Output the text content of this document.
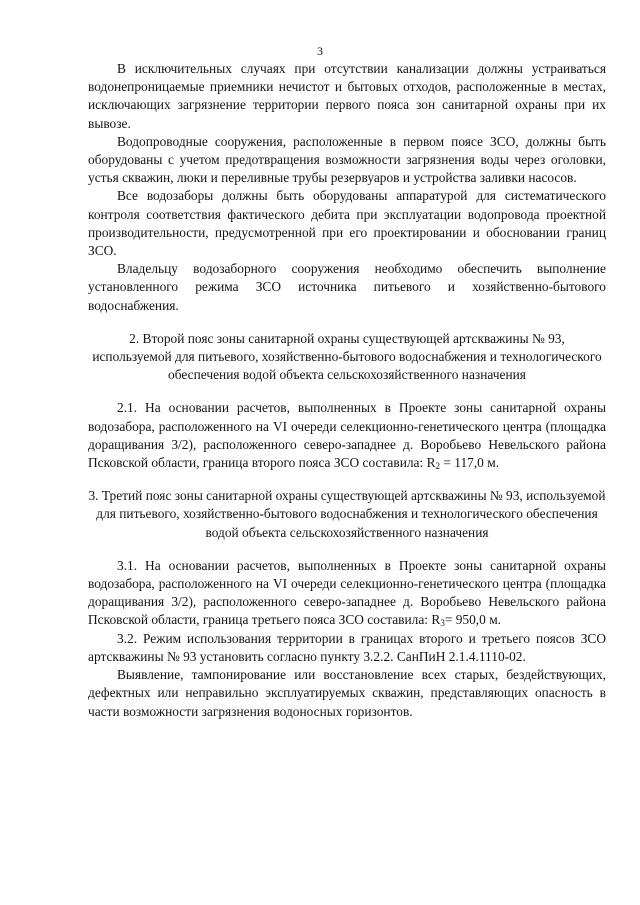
3

В исключительных случаях при отсутствии канализации должны устраиваться водонепроницаемые приемники нечистот и бытовых отходов, расположенные в местах, исключающих загрязнение территории первого пояса зон санитарной охраны при их вывозе.

Водопроводные сооружения, расположенные в первом поясе ЗСО, должны быть оборудованы с учетом предотвращения возможности загрязнения воды через оголовки, устья скважин, люки и переливные трубы резервуаров и устройства заливки насосов.

Все водозаборы должны быть оборудованы аппаратурой для систематического контроля соответствия фактического дебита при эксплуатации водопровода проектной производительности, предусмотренной при его проектировании и обосновании границ ЗСО.

Владельцу водозаборного сооружения необходимо обеспечить выполнение установленного режима ЗСО источника питьевого и хозяйственно-бытового водоснабжения.

2. Второй пояс зоны санитарной охраны существующей артскважины № 93, используемой для питьевого, хозяйственно-бытового водоснабжения и технологического обеспечения водой объекта сельскохозяйственного назначения

2.1. На основании расчетов, выполненных в Проекте зоны санитарной охраны водозабора, расположенного на VI очереди селекционно-генетического центра (площадка доращивания 3/2), расположенного северо-западнее д. Воробьево Невельского района Псковской области, граница второго пояса ЗСО составила: $R_2 = 117,0$ м.

3. Третий пояс зоны санитарной охраны существующей артскважины № 93, используемой для питьевого, хозяйственно-бытового водоснабжения и технологического обеспечения водой объекта сельскохозяйственного назначения

3.1. На основании расчетов, выполненных в Проекте зоны санитарной охраны водозабора, расположенного на VI очереди селекционно-генетического центра (площадка доращивания 3/2), расположенного северо-западнее д. Воробьево Невельского района Псковской области, граница третьего пояса ЗСО составила: $R_3= 950,0$ м.

3.2. Режим использования территории в границах второго и третьего поясов ЗСО артскважины № 93 установить согласно пункту 3.2.2. СанПиН 2.1.4.1110-02.

Выявление, тампонирование или восстановление всех старых, бездействующих, дефектных или неправильно эксплуатируемых скважин, представляющих опасность в части возможности загрязнения водоносных горизонтов.
